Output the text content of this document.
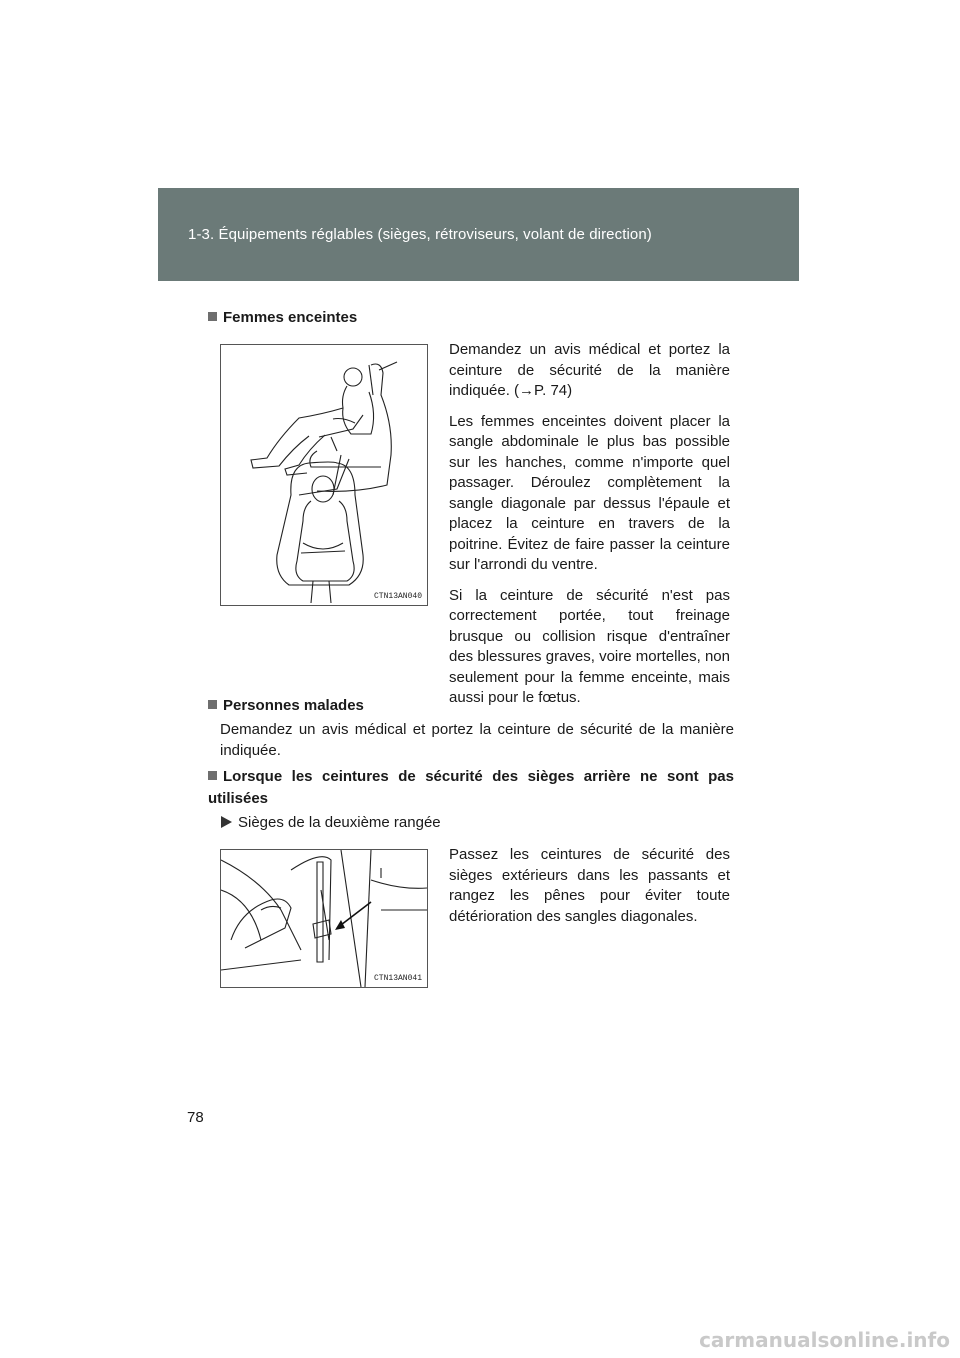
1-3. Équipements réglables (sièges, rétroviseurs, volant de direction)
Femmes enceintes
CTN13AN040

Demandez un avis médical et portez la ceinture de sécurité de la manière indiquée. (→P. 74)

Les femmes enceintes doivent placer la sangle abdominale le plus bas possible sur les hanches, comme n'importe quel passager. Déroulez complètement la sangle diagonale par dessus l'épaule et placez la ceinture en travers de la poitrine. Évitez de faire passer la ceinture sur l'arrondi du ventre.

Si la ceinture de sécurité n'est pas correctement portée, tout freinage brusque ou collision risque d'entraîner des blessures graves, voire mortelles, non seulement pour la femme enceinte, mais aussi pour le fœtus.

Personnes malades
Demandez un avis médical et portez la ceinture de sécurité de la manière indiquée.
Lorsque les ceintures de sécurité des sièges arrière ne sont pas utilisées
Sièges de la deuxième rangée
CTN13AN041
Passez les ceintures de sécurité des sièges extérieurs dans les passants et rangez les pênes pour éviter toute détérioration des sangles diagonales.
78
carmanualsonline.info
